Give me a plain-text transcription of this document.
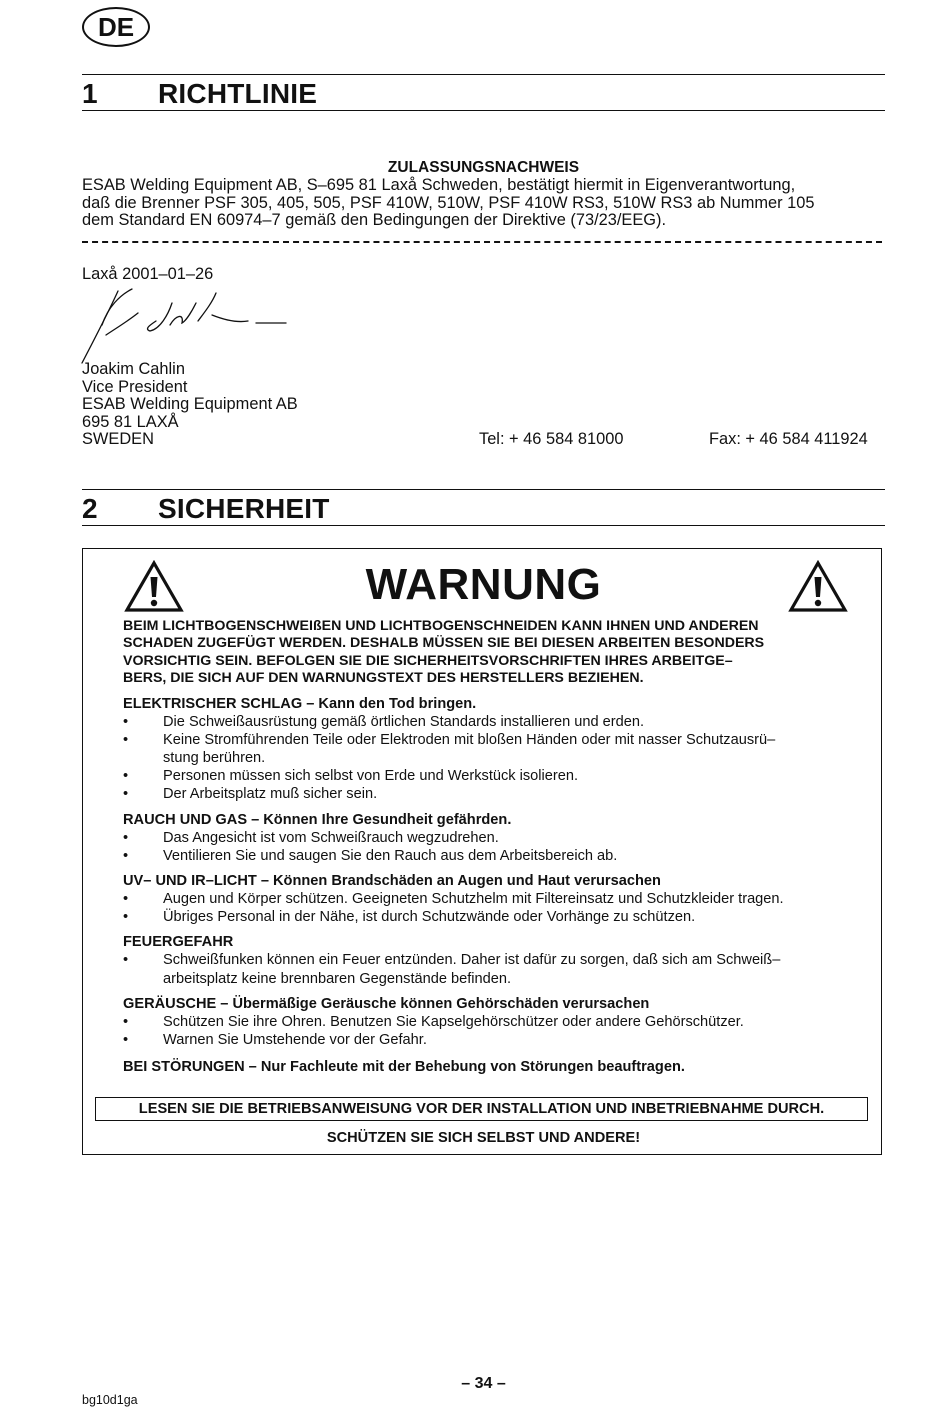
DE
1 RICHTLINIE
ZULASSUNGSNACHWEIS
ESAB Welding Equipment AB, S–695 81 Laxå Schweden, bestätigt hiermit in Eigenverantwortung,
daß die Brenner PSF 305, 405, 505, PSF 410W, 510W, PSF 410W RS3, 510W RS3 ab Nummer 105
dem Standard EN 60974–7 gemäß den Bedingungen der Direktive (73/23/EEG).
Laxå 2001–01–26
Joakim Cahlin
Vice President
ESAB Welding Equipment AB
695 81 LAXÅ
SWEDEN	Tel: + 46 584 81000	Fax: + 46 584 411924
2 SICHERHEIT
WARNUNG
BEIM LICHTBOGENSCHWEIßEN UND LICHTBOGENSCHNEIDEN KANN IHNEN UND ANDEREN
SCHADEN ZUGEFÜGT WERDEN. DESHALB MÜSSEN SIE BEI DIESEN ARBEITEN BESONDERS
VORSICHTIG SEIN. BEFOLGEN SIE DIE SICHERHEITSVORSCHRIFTEN IHRES ARBEITGE–
BERS, DIE SICH AUF DEN WARNUNGSTEXT DES HERSTELLERS BEZIEHEN.
ELEKTRISCHER SCHLAG – Kann den Tod bringen.
• Die Schweißausrüstung gemäß örtlichen Standards installieren und erden.
• Keine Stromführenden Teile oder Elektroden mit bloßen Händen oder mit nasser Schutzausrü–
stung berühren.
• Personen müssen sich selbst von Erde und Werkstück isolieren.
• Der Arbeitsplatz muß sicher sein.
RAUCH UND GAS – Können Ihre Gesundheit gefährden.
• Das Angesicht ist vom Schweißrauch wegzudrehen.
• Ventilieren Sie und saugen Sie den Rauch aus dem Arbeitsbereich ab.
UV– UND IR–LICHT – Können Brandschäden an Augen und Haut verursachen
• Augen und Körper schützen. Geeigneten Schutzhelm mit Filtereinsatz und Schutzkleider tragen.
• Übriges Personal in der Nähe, ist durch Schutzwände oder Vorhänge zu schützen.
FEUERGEFAHR
• Schweißfunken können ein Feuer entzünden. Daher ist dafür zu sorgen, daß sich am Schweiß–
arbeitsplatz keine brennbaren Gegenstände befinden.
GERÄUSCHE – Übermäßige Geräusche können Gehörschäden verursachen
• Schützen Sie ihre Ohren. Benutzen Sie Kapselgehörschützer oder andere Gehörschützer.
• Warnen Sie Umstehende vor der Gefahr.
BEI STÖRUNGEN – Nur Fachleute mit der Behebung von Störungen beauftragen.
LESEN SIE DIE BETRIEBSANWEISUNG VOR DER INSTALLATION UND INBETRIEBNAHME DURCH.
SCHÜTZEN SIE SICH SELBST UND ANDERE!
– 34 –
bg10d1ga
